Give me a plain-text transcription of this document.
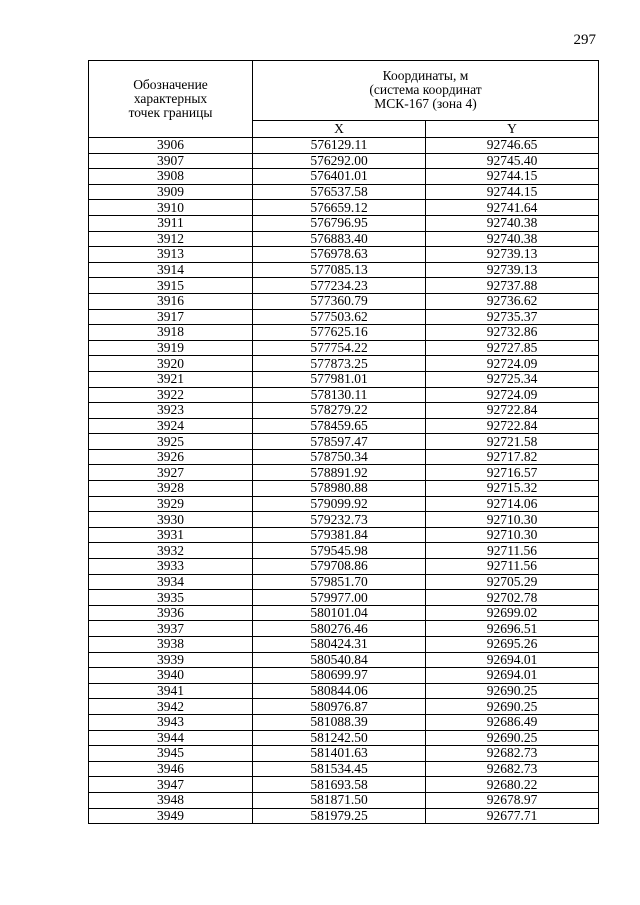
297
Обозначение
характерных
точек границы	Координаты, м
(система координат
МСК-167 (зона 4)	

	X	Y
3906	576129.11	92746.65
3907	576292.00	92745.40
3908	576401.01	92744.15
3909	576537.58	92744.15
3910	576659.12	92741.64
3911	576796.95	92740.38
3912	576883.40	92740.38
3913	576978.63	92739.13
3914	577085.13	92739.13
3915	577234.23	92737.88
3916	577360.79	92736.62
3917	577503.62	92735.37
3918	577625.16	92732.86
3919	577754.22	92727.85
3920	577873.25	92724.09
3921	577981.01	92725.34
3922	578130.11	92724.09
3923	578279.22	92722.84
3924	578459.65	92722.84
3925	578597.47	92721.58
3926	578750.34	92717.82
3927	578891.92	92716.57
3928	578980.88	92715.32
3929	579099.92	92714.06
3930	579232.73	92710.30
3931	579381.84	92710.30
3932	579545.98	92711.56
3933	579708.86	92711.56
3934	579851.70	92705.29
3935	579977.00	92702.78
3936	580101.04	92699.02
3937	580276.46	92696.51
3938	580424.31	92695.26
3939	580540.84	92694.01
3940	580699.97	92694.01
3941	580844.06	92690.25
3942	580976.87	92690.25
3943	581088.39	92686.49
3944	581242.50	92690.25
3945	581401.63	92682.73
3946	581534.45	92682.73
3947	581693.58	92680.22
3948	581871.50	92678.97
3949	581979.25	92677.71
